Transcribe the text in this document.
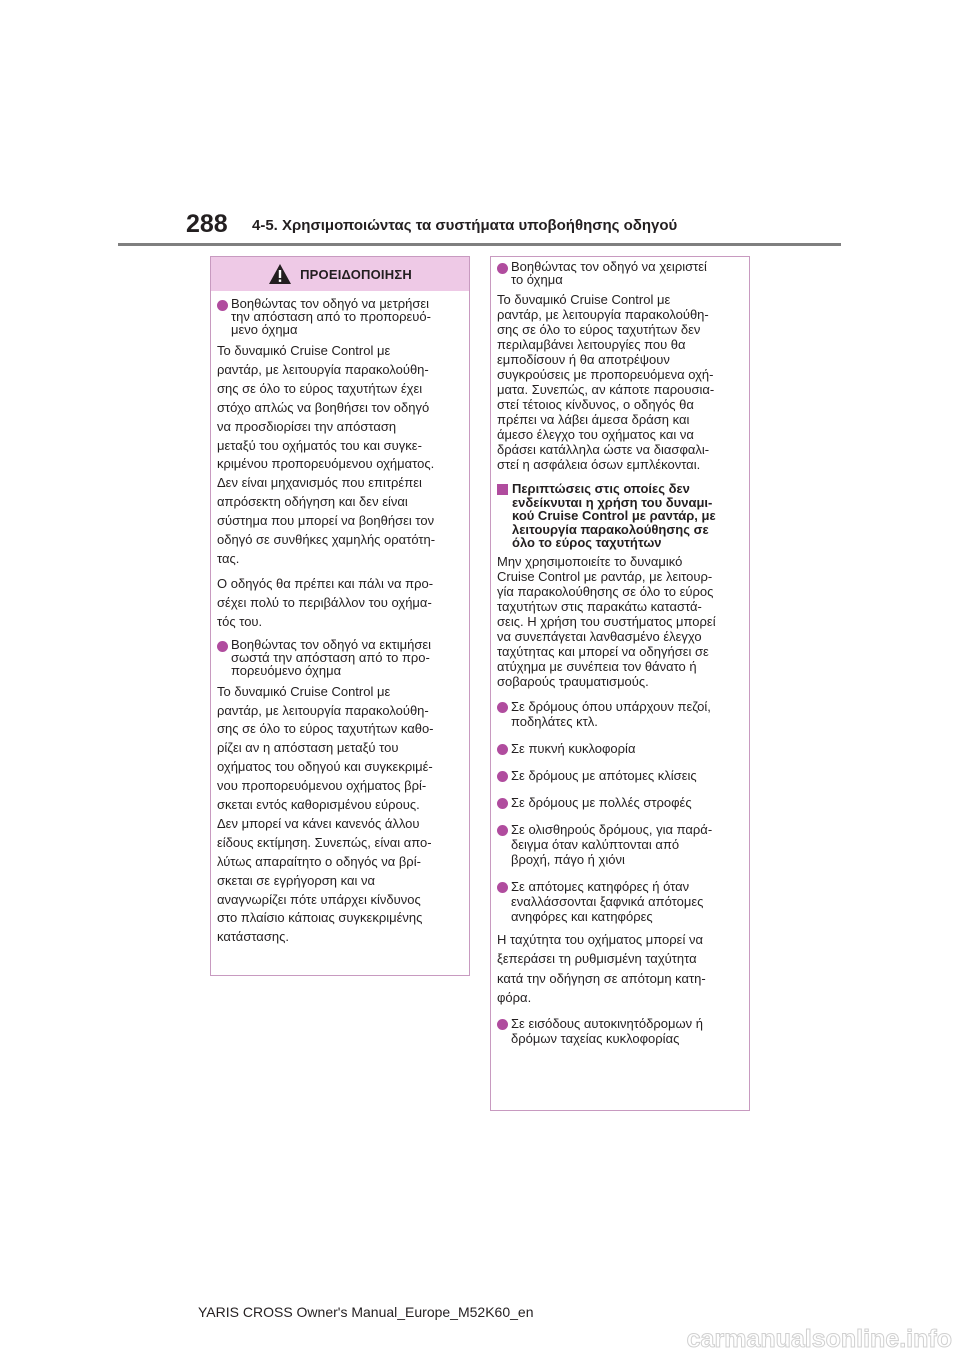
288 4-5. Χρησιμοποιώντας τα συστήματα υποβοήθησης οδηγού
ΠΡΟΕΙΔΟΠΟΙΗΣΗ
Βοηθώντας τον οδηγό να μετρήσει
την απόσταση από το προπορευό-
μενο όχημα

Το δυναμικό Cruise Control με
ραντάρ, με λειτουργία παρακολούθη-
σης σε όλο το εύρος ταχυτήτων έχει
στόχο απλώς να βοηθήσει τον οδηγό
να προσδιορίσει την απόσταση
μεταξύ του οχήματός του και συγκε-
κριμένου προπορευόμενου οχήματος.
Δεν είναι μηχανισμός που επιτρέπει
απρόσεκτη οδήγηση και δεν είναι
σύστημα που μπορεί να βοηθήσει τον
οδηγό σε συνθήκες χαμηλής ορατότη-
τας.

Ο οδηγός θα πρέπει και πάλι να προ-
σέχει πολύ το περιβάλλον του οχήμα-
τός του.

Βοηθώντας τον οδηγό να εκτιμήσει
σωστά την απόσταση από το προ-
πορευόμενο όχημα

Το δυναμικό Cruise Control με
ραντάρ, με λειτουργία παρακολούθη-
σης σε όλο το εύρος ταχυτήτων καθο-
ρίζει αν η απόσταση μεταξύ του
οχήματος του οδηγού και συγκεκριμέ-
νου προπορευόμενου οχήματος βρί-
σκεται εντός καθορισμένου εύρους.
Δεν μπορεί να κάνει κανενός άλλου
είδους εκτίμηση. Συνεπώς, είναι απο-
λύτως απαραίτητο ο οδηγός να βρί-
σκεται σε εγρήγορση και να
αναγνωρίζει πότε υπάρχει κίνδυνος
στο πλαίσιο κάποιας συγκεκριμένης
κατάστασης.

Βοηθώντας τον οδηγό να χειριστεί
το όχημα

Το δυναμικό Cruise Control με
ραντάρ, με λειτουργία παρακολούθη-
σης σε όλο το εύρος ταχυτήτων δεν
περιλαμβάνει λειτουργίες που θα
εμποδίσουν ή θα αποτρέψουν
συγκρούσεις με προπορευόμενα οχή-
ματα. Συνεπώς, αν κάποτε παρουσια-
στεί τέτοιος κίνδυνος, ο οδηγός θα
πρέπει να λάβει άμεσα δράση και
άμεσο έλεγχο του οχήματος και να
δράσει κατάλληλα ώστε να διασφαλι-
στεί η ασφάλεια όσων εμπλέκονται.

Περιπτώσεις στις οποίες δεν
ενδείκνυται η χρήση του δυναμι-
κού Cruise Control με ραντάρ, με
λειτουργία παρακολούθησης σε
όλο το εύρος ταχυτήτων

Μην χρησιμοποιείτε το δυναμικό
Cruise Control με ραντάρ, με λειτουρ-
γία παρακολούθησης σε όλο το εύρος
ταχυτήτων στις παρακάτω καταστά-
σεις. Η χρήση του συστήματος μπορεί
να συνεπάγεται λανθασμένο έλεγχο
ταχύτητας και μπορεί να οδηγήσει σε
ατύχημα με συνέπεια τον θάνατο ή
σοβαρούς τραυματισμούς.

Σε δρόμους όπου υπάρχουν πεζοί,
ποδηλάτες κτλ.
Σε πυκνή κυκλοφορία
Σε δρόμους με απότομες κλίσεις
Σε δρόμους με πολλές στροφές
Σε ολισθηρούς δρόμους, για παρά-
δειγμα όταν καλύπτονται από
βροχή, πάγο ή χιόνι
Σε απότομες κατηφόρες ή όταν
εναλλάσσονται ξαφνικά απότομες
ανηφόρες και κατηφόρες

Η ταχύτητα του οχήματος μπορεί να
ξεπεράσει τη ρυθμισμένη ταχύτητα
κατά την οδήγηση σε απότομη κατη-
φόρα.

Σε εισόδους αυτοκινητόδρομων ή
δρόμων ταχείας κυκλοφορίας
YARIS CROSS Owner's Manual_Europe_M52K60_en
carmanualsonline.info
